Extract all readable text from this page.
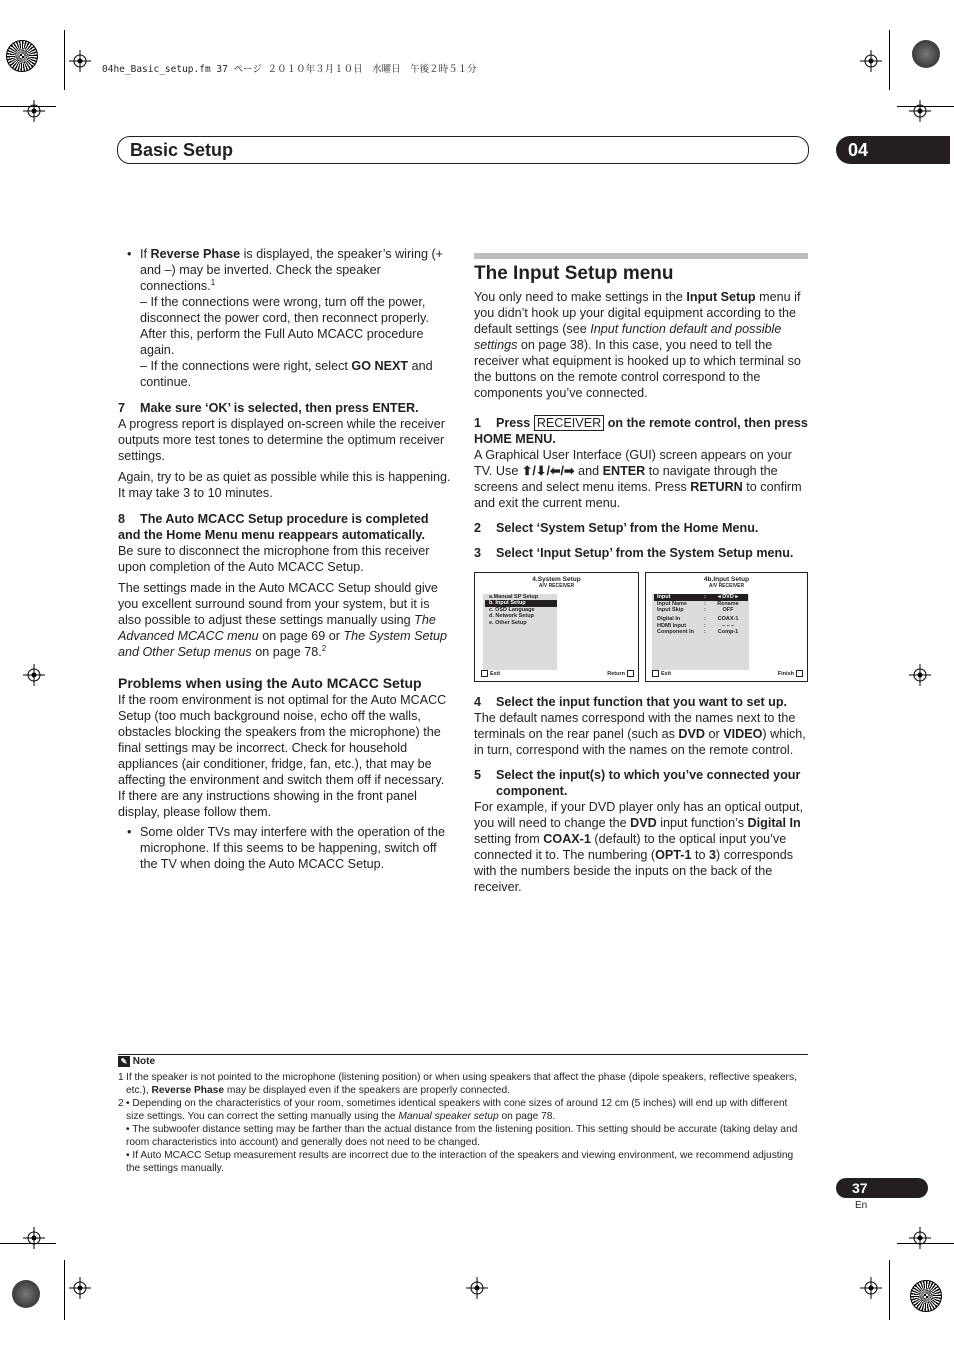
04he_Basic_setup.fm 37 ページ ２０１０年３月１０日　水曜日　午後２時５１分
Basic Setup	04
• If Reverse Phase is displayed, the speaker’s wiring (+ and –) may be inverted. Check the speaker connections.$^1$

– If the connections were wrong, turn off the power, disconnect the power cord, then reconnect properly. After this, perform the Full Auto MCACC procedure again.

– If the connections were right, select GO NEXT and continue.

7 Make sure ‘OK’ is selected, then press ENTER.

A progress report is displayed on-screen while the receiver outputs more test tones to determine the optimum receiver settings.

Again, try to be as quiet as possible while this is happening. It may take 3 to 10 minutes.

8 The Auto MCACC Setup procedure is completed and the Home Menu menu reappears automatically.

Be sure to disconnect the microphone from this receiver upon completion of the Auto MCACC Setup.

The settings made in the Auto MCACC Setup should give you excellent surround sound from your system, but it is also possible to adjust these settings manually using The Advanced MCACC menu on page 69 or The System Setup and Other Setup menus on page 78.$^2$

Problems when using the Auto MCACC Setup

If the room environment is not optimal for the Auto MCACC Setup (too much background noise, echo off the walls, obstacles blocking the speakers from the microphone) the final settings may be incorrect. Check for household appliances (air conditioner, fridge, fan, etc.), that may be affecting the environment and switch them off if necessary. If there are any instructions showing in the front panel display, please follow them.

• Some older TVs may interfere with the operation of the microphone. If this seems to be happening, switch off the TV when doing the Auto MCACC Setup.

The Input Setup menu

You only need to make settings in the Input Setup menu if you didn’t hook up your digital equipment according to the default settings (see Input function default and possible settings on page 38). In this case, you need to tell the receiver what equipment is hooked up to which terminal so the buttons on the remote control correspond to the components you’ve connected.

1 Press RECEIVER on the remote control, then press HOME MENU.

A Graphical User Interface (GUI) screen appears on your TV. Use ⬆/⬇/⬅/➡ and ENTER to navigate through the screens and select menu items. Press RETURN to confirm and exit the current menu.

2 Select ‘System Setup’ from the Home Menu.
3 Select ‘Input Setup’ from the System Setup menu.
4.System Setup
A/V RECEIVER
a.Manual SP Setup
b. Input Setup
c. OSD Language
d. Network Setup
e. Other Setup
Exit	Return
4b.Input Setup
A/V RECEIVER
Input	:	◂ DVD ▸
Input Name	:	Rename
Input Skip	:	OFF
Digital In	:	COAX-1
HDMI Input	:	– – –
Component In :	Comp-1
Exit	Finish
4 Select the input function that you want to set up.

The default names correspond with the names next to the terminals on the rear panel (such as DVD or VIDEO) which, in turn, correspond with the names on the remote control.

5 Select the input(s) to which you’ve connected your component.

For example, if your DVD player only has an optical output, you will need to change the DVD input function’s Digital In setting from COAX-1 (default) to the optical input you’ve connected it to. The numbering (OPT-1 to 3) corresponds with the numbers beside the inputs on the back of the receiver.

✎ Note
1 If the speaker is not pointed to the microphone (listening position) or when using speakers that affect the phase (dipole speakers, reflective speakers, etc.), Reverse Phase may be displayed even if the speakers are properly connected.
2 • Depending on the characteristics of your room, sometimes identical speakers with cone sizes of around 12 cm (5 inches) will end up with different size settings. You can correct the setting manually using the Manual speaker setup on page 78.
• The subwoofer distance setting may be farther than the actual distance from the listening position. This setting should be accurate (taking delay and room characteristics into account) and generally does not need to be changed.
• If Auto MCACC Setup measurement results are incorrect due to the interaction of the speakers and viewing environment, we recommend adjusting the settings manually.
37
En
